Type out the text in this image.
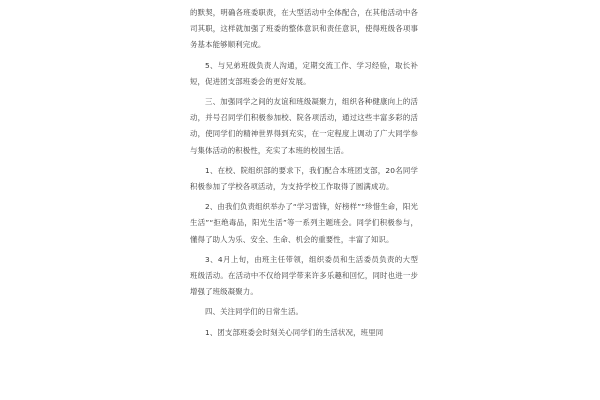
的默契，明确各班委职责，在大型活动中全体配合，在其他活动中各司其职，这样就加强了班委的整体意识和责任意识，使得班级各项事务基本能够顺利完成。

5、与兄弟班级负责人沟通，定期交流工作、学习经验，取长补短，促进团支部班委会的更好发展。

三、加强同学之间的友谊和班级凝聚力，组织各种健康向上的活动，并号召同学们积极参加校、院各项活动，通过这些丰富多彩的活动，使同学们的精神世界得到充实，在一定程度上调动了广大同学参与集体活动的积极性，充实了本班的校园生活。

1、在校、院组织部的要求下，我们配合本班团支部，20名同学积极参加了学校各项活动，为支持学校工作取得了圆满成功。

2、由我们负责组织举办了“学习雷锋，好榜样”“珍惜生命，阳光生活”“拒绝毒品，阳光生活”等一系列主题班会。同学们积极参与，懂得了助人为乐、安全、生命、机会的重要性，丰富了知识。

3、4月上旬，由班主任带领，组织委员和生活委员负责的大型班级活动。在活动中不仅给同学带来许多乐趣和回忆，同时也进一步增强了班级凝聚力。

四、关注同学们的日常生活。

1、团支部班委会时刻关心同学们的生活状况，班里同
